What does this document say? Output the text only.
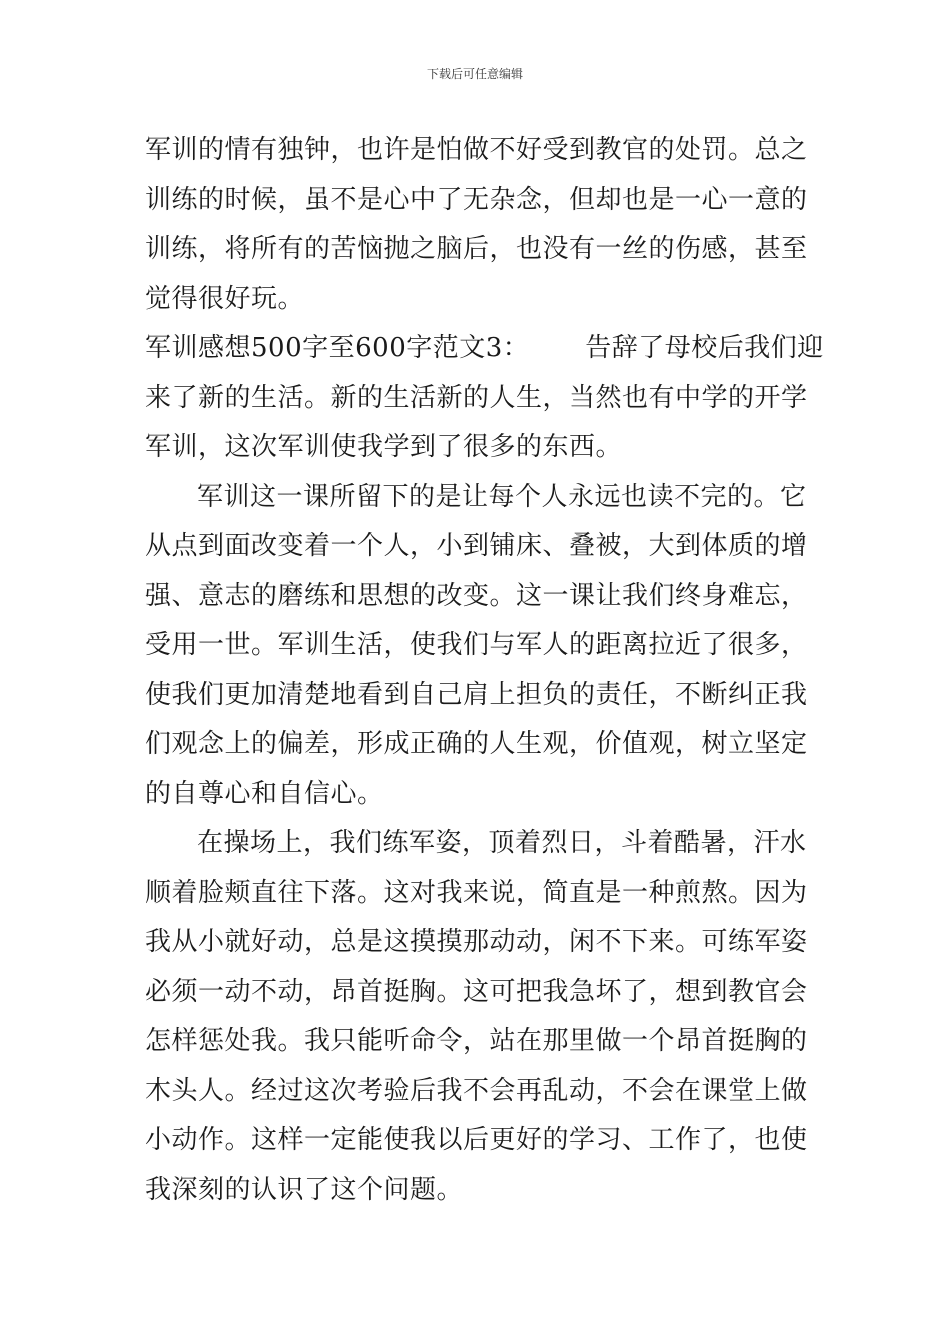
下载后可任意编辑
军训的情有独钟，也许是怕做不好受到教官的处罚。总之
训练的时候，虽不是心中了无杂念，但却也是一心一意的
训练，将所有的苦恼抛之脑后，也没有一丝的伤感，甚至
觉得很好玩。
军训感想500字至600字范文3： 告辞了母校后我们迎
来了新的生活。新的生活新的人生，当然也有中学的开学
军训，这次军训使我学到了很多的东西。
军训这一课所留下的是让每个人永远也读不完的。它
从点到面改变着一个人，小到铺床、叠被，大到体质的增
强、意志的磨练和思想的改变。这一课让我们终身难忘，
受用一世。军训生活，使我们与军人的距离拉近了很多，
使我们更加清楚地看到自己肩上担负的责任，不断纠正我
们观念上的偏差，形成正确的人生观，价值观，树立坚定
的自尊心和自信心。
在操场上，我们练军姿，顶着烈日，斗着酷暑，汗水
顺着脸颊直往下落。这对我来说，简直是一种煎熬。因为
我从小就好动，总是这摸摸那动动，闲不下来。可练军姿
必须一动不动，昂首挺胸。这可把我急坏了，想到教官会
怎样惩处我。我只能听命令，站在那里做一个昂首挺胸的
木头人。经过这次考验后我不会再乱动，不会在课堂上做
小动作。这样一定能使我以后更好的学习、工作了，也使
我深刻的认识了这个问题。
